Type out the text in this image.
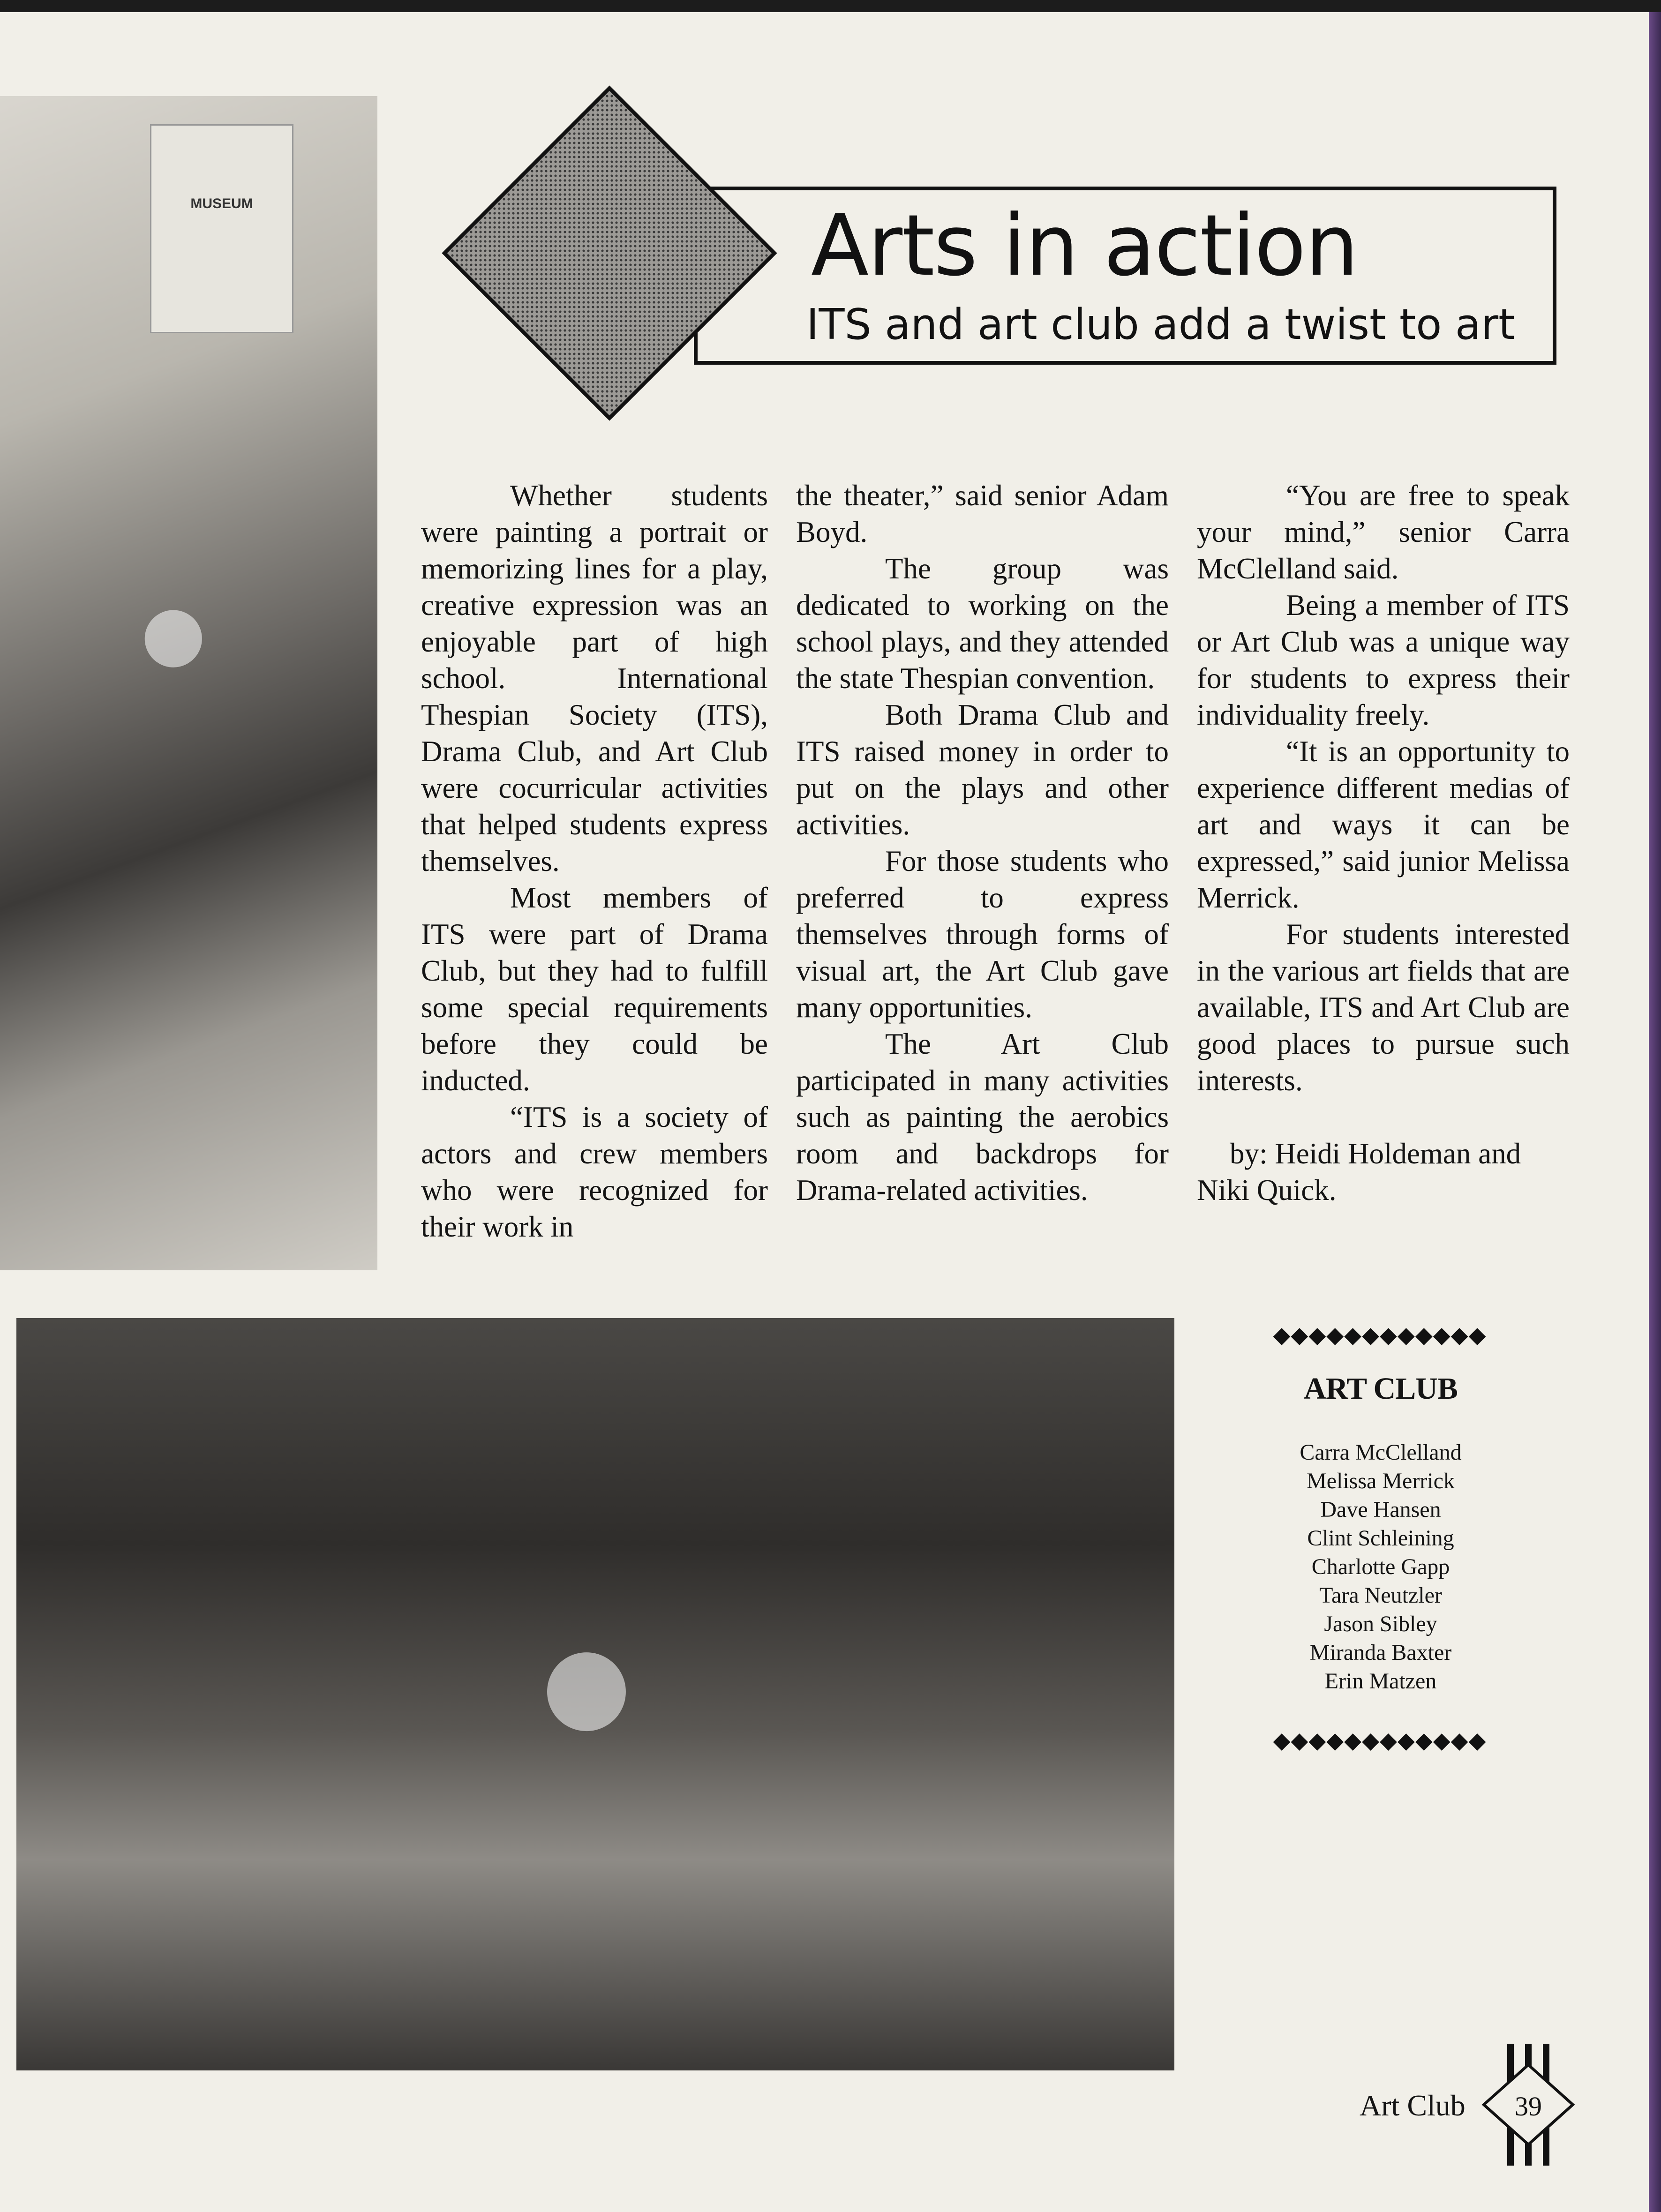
MUSEUM
●
Arts in action
ITS and art club add a twist to art

Whether students were painting a portrait or memorizing lines for a play, creative expression was an enjoyable part of high school. International Thespian Society (ITS), Drama Club, and Art Club were cocurricular activities that helped students express themselves.

Most members of ITS were part of Drama Club, but they had to fulfill some special requirements before they could be inducted.

“ITS is a society of actors and crew members who were recognized for their work in

the theater,” said senior Adam Boyd.

The group was dedicated to working on the school plays, and they attended the state Thespian convention.

Both Drama Club and ITS raised money in order to put on the plays and other activities.

For those students who preferred to express themselves through forms of visual art, the Art Club gave many opportunities.

The Art Club participated in many activities such as painting the aerobics room and backdrops for Drama-related activities.

“You are free to speak your mind,” senior Carra McClelland said.

Being a member of ITS or Art Club was a unique way for students to express their individuality freely.

“It is an opportunity to experience different medias of art and ways it can be expressed,” said junior Melissa Merrick.

For students interested in the various art fields that are available, ITS and Art Club are good places to pursue such interests.

by: Heidi Holdeman and Niki Quick.

●
◆◆◆◆◆◆◆◆◆◆◆◆
ART CLUB
Carra McClelland
Melissa Merrick
Dave Hansen
Clint Schleining
Charlotte Gapp
Tara Neutzler
Jason Sibley
Miranda Baxter
Erin Matzen
◆◆◆◆◆◆◆◆◆◆◆◆
Art Club	39
